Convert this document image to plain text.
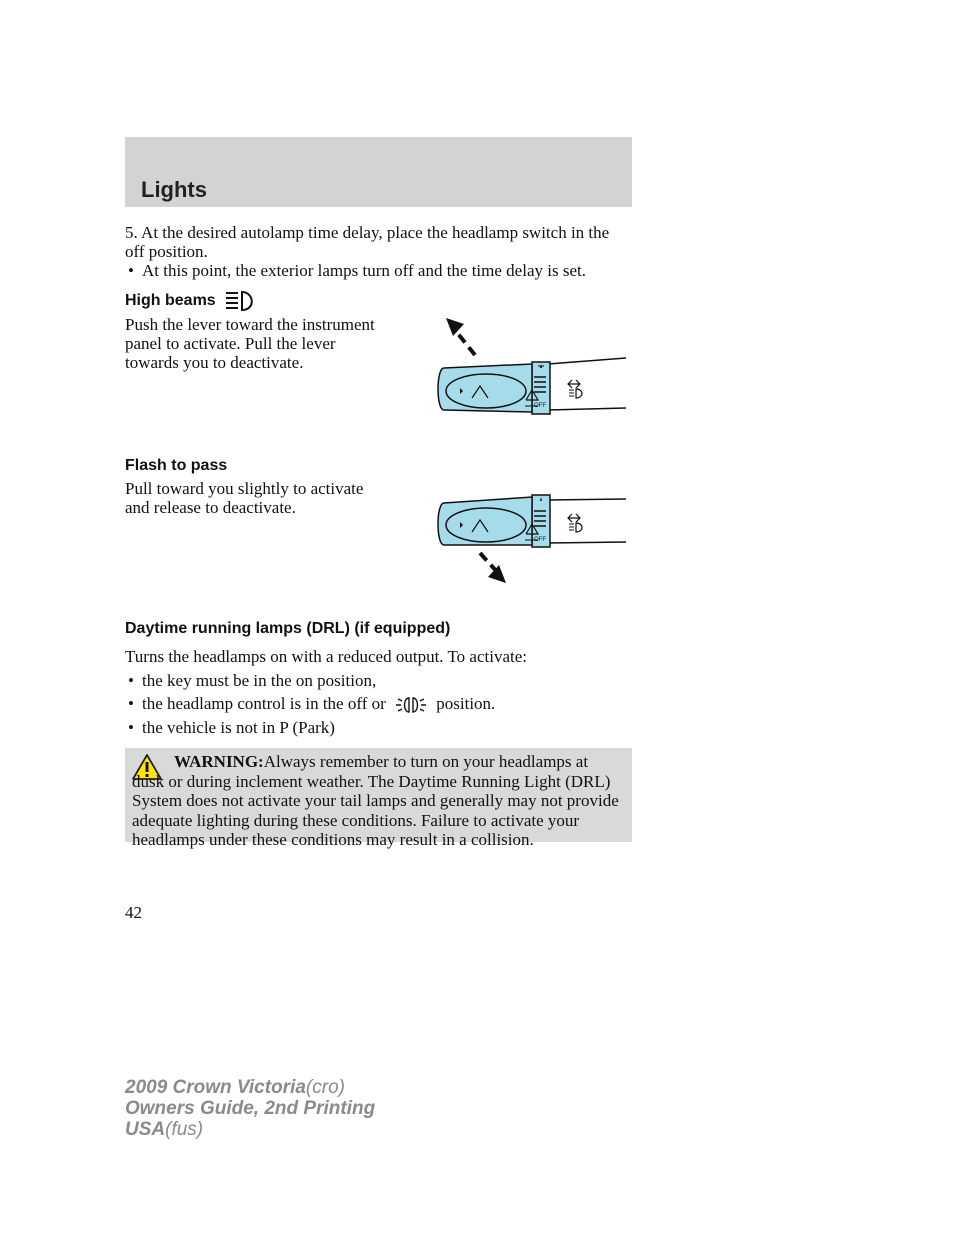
Lights
5. At the desired autolamp time delay, place the headlamp switch in the off position.
• At this point, the exterior lamps turn off and the time delay is set.
High beams
Push the lever toward the instrument panel to activate. Pull the lever towards you to deactivate.
OFF
Flash to pass
Pull toward you slightly to activate and release to deactivate.
OFF
Daytime running lamps (DRL) (if equipped)
Turns the headlamps on with a reduced output. To activate:
• the key must be in the on position,
• the headlamp control is in the off or	position.
• the vehicle is not in P (Park)
WARNING:Always remember to turn on your headlamps at
dusk or during inclement weather. The Daytime Running Light (DRL) System does not activate your tail lamps and generally may not provide adequate lighting during these conditions. Failure to activate your headlamps under these conditions may result in a collision.
42
2009 Crown Victoria(cro)
Owners Guide, 2nd Printing
USA(fus)
